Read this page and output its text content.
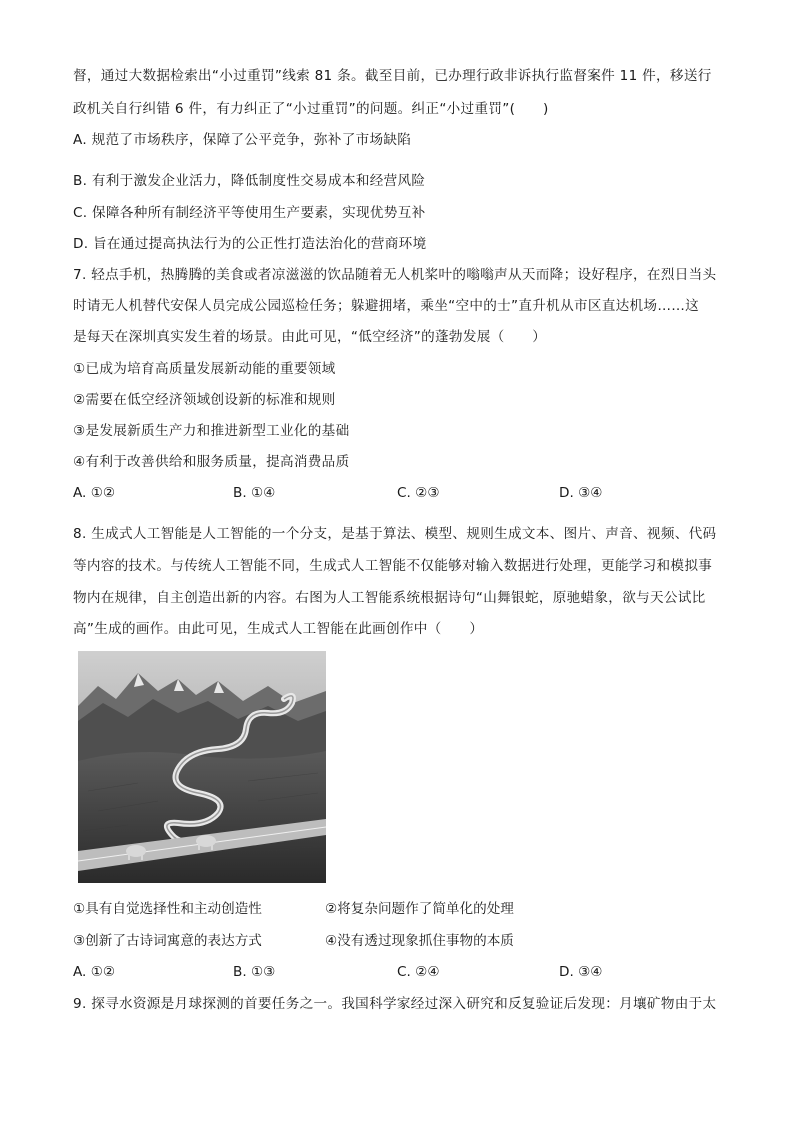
督，通过大数据检索出“小过重罚”线索 81 条。截至目前，已办理行政非诉执行监督案件 11 件，移送行
政机关自行纠错 6 件，有力纠正了“小过重罚”的问题。纠正“小过重罚”(　　)
A. 规范了市场秩序，保障了公平竞争，弥补了市场缺陷
B. 有利于激发企业活力，降低制度性交易成本和经营风险
C. 保障各种所有制经济平等使用生产要素，实现优势互补
D. 旨在通过提高执法行为的公正性打造法治化的营商环境
7. 轻点手机，热腾腾的美食或者凉滋滋的饮品随着无人机桨叶的嗡嗡声从天而降；设好程序，在烈日当头
时请无人机替代安保人员完成公园巡检任务；躲避拥堵，乘坐“空中的士”直升机从市区直达机场……这
是每天在深圳真实发生着的场景。由此可见，“低空经济”的蓬勃发展（　　）
①已成为培育高质量发展新动能的重要领域
②需要在低空经济领域创设新的标准和规则
③是发展新质生产力和推进新型工业化的基础
④有利于改善供给和服务质量，提高消费品质
A. ①②	B. ①④	C. ②③	D. ③④
8. 生成式人工智能是人工智能的一个分支，是基于算法、模型、规则生成文本、图片、声音、视频、代码
等内容的技术。与传统人工智能不同，生成式人工智能不仅能够对输入数据进行处理，更能学习和模拟事
物内在规律，自主创造出新的内容。右图为人工智能系统根据诗句“山舞银蛇，原驰蜡象，欲与天公试比
高”生成的画作。由此可见，生成式人工智能在此画创作中（　　）
①具有自觉选择性和主动创造性	②将复杂问题作了简单化的处理
③创新了古诗词寓意的表达方式	④没有透过现象抓住事物的本质
A. ①②	B. ①③	C. ②④	D. ③④
9. 探寻水资源是月球探测的首要任务之一。我国科学家经过深入研究和反复验证后发现：月壤矿物由于太
